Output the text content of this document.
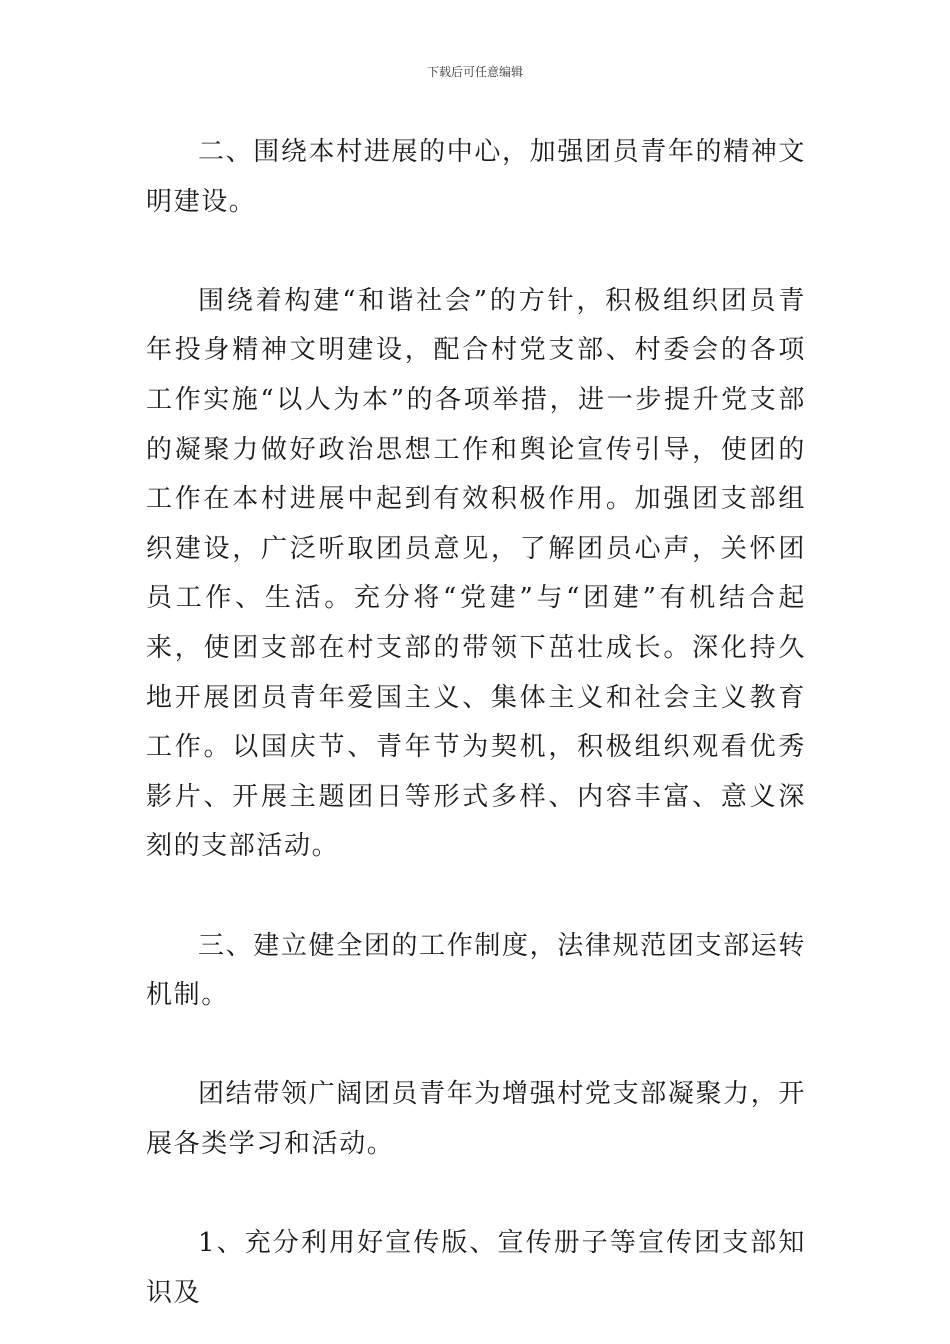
下载后可任意编辑

二、围绕本村进展的中心，加强团员青年的精神文明建设。

围绕着构建“和谐社会”的方针，积极组织团员青年投身精神文明建设，配合村党支部、村委会的各项工作实施“以人为本”的各项举措，进一步提升党支部的凝聚力做好政治思想工作和舆论宣传引导，使团的工作在本村进展中起到有效积极作用。加强团支部组织建设，广泛听取团员意见，了解团员心声，关怀团员工作、生活。充分将“党建”与“团建”有机结合起来，使团支部在村支部的带领下茁壮成长。深化持久地开展团员青年爱国主义、集体主义和社会主义教育工作。以国庆节、青年节为契机，积极组织观看优秀影片、开展主题团日等形式多样、内容丰富、意义深刻的支部活动。

三、建立健全团的工作制度，法律规范团支部运转机制。

团结带领广阔团员青年为增强村党支部凝聚力，开展各类学习和活动。

1、充分利用好宣传版、宣传册子等宣传团支部知识及
